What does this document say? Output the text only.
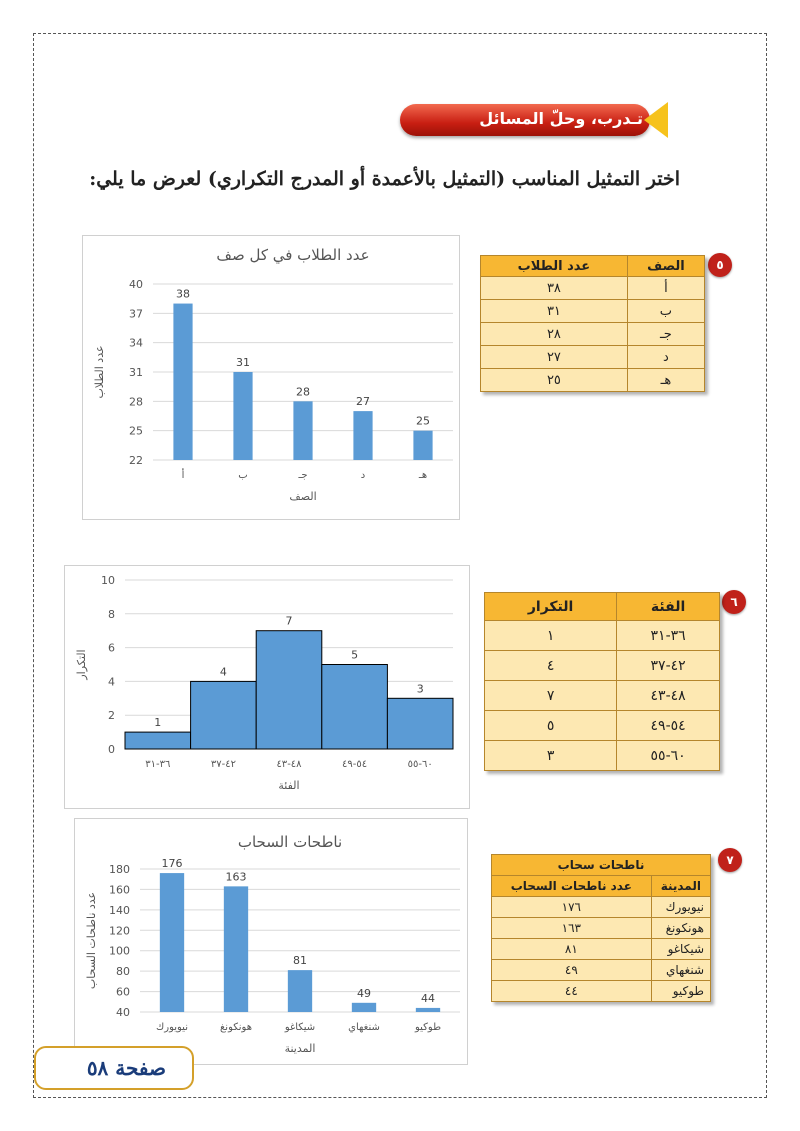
تـدرب، وحلّ المسائل
اختر التمثيل المناسب (التمثيل بالأعمدة أو المدرج التكراري) لعرض ما يلي:
٥
الصف	عدد الطلاب
أ	٣٨
ب	٣١
جـ	٢٨
د	٢٧
هـ	٢٥
٦
الفئة	التكرار
٣٦-٣١	١
٤٢-٣٧	٤
٤٨-٤٣	٧
٥٤-٤٩	٥
٦٠-٥٥	٣
٧
ناطحات سحاب	
المدينة	عدد ناطحات السحاب
نيويورك	١٧٦
هونكونغ	١٦٣
شيكاغو	٨١
شنغهاي	٤٩
طوكيو	٤٤
عدد الطلاب في كل صف
22
25
28
31
34
37
40
38
أ
31
ب
28
جـ
27
د
25
هـ
الصف
عدد الطلاب
0
2
4
6
8
10
1
٣٦-٣١
4
٤٢-٣٧
7
٤٨-٤٣
5
٥٤-٤٩
3
٦٠-٥٥
الفئة
التكرار
ناطحات السحاب
40
60
80
100
120
140
160
180	176
نيويورك
163
هونكونغ
81
شيكاغو
49
شنغهاي
44
طوكيو
المدينة
عدد ناطحات السحاب
صفحة ٥٨
